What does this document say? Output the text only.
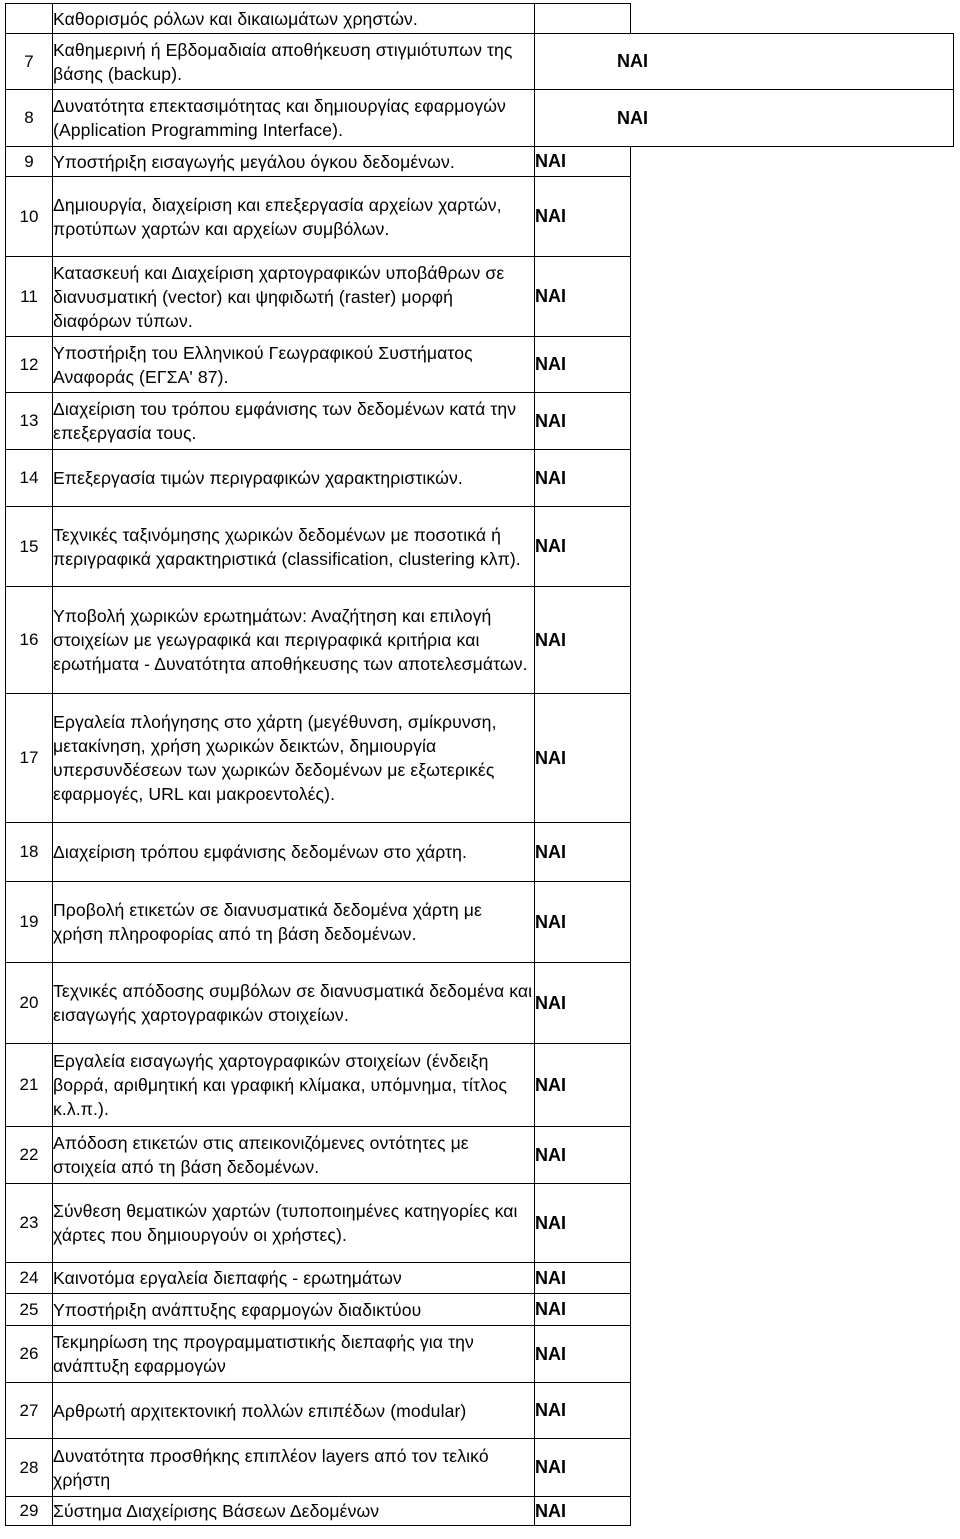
	Καθορισμός ρόλων και δικαιωμάτων χρηστών.		
7	Καθημερινή ή Εβδομαδιαία αποθήκευση στιγμιότυπων της βάσης (backup).	ΝΑΙ	
8	Δυνατότητα επεκτασιμότητας και δημιουργίας εφαρμογών (Application Programming Interface).	ΝΑΙ	
9	Υποστήριξη εισαγωγής μεγάλου όγκου δεδομένων.	ΝΑΙ	
10	Δημιουργία, διαχείριση και επεξεργασία αρχείων χαρτών, προτύπων χαρτών και αρχείων συμβόλων.	ΝΑΙ	
11	Κατασκευή και Διαχείριση χαρτογραφικών υποβάθρων σε διανυσματική (vector) και ψηφιδωτή (raster) μορφή διαφόρων τύπων.	ΝΑΙ	
12	Υποστήριξη του Ελληνικού Γεωγραφικού Συστήματος Αναφοράς (ΕΓΣΑ' 87).	ΝΑΙ	
13	Διαχείριση του τρόπου εμφάνισης των δεδομένων κατά την επεξεργασία τους.	ΝΑΙ	
14	Επεξεργασία τιμών περιγραφικών χαρακτηριστικών.	ΝΑΙ	
15	Τεχνικές ταξινόμησης χωρικών δεδομένων με ποσοτικά ή περιγραφικά χαρακτηριστικά (classification, clustering κλπ).	ΝΑΙ	
16	Υποβολή χωρικών ερωτημάτων: Αναζήτηση και επιλογή στοιχείων με γεωγραφικά και περιγραφικά κριτήρια και ερωτήματα - Δυνατότητα αποθήκευσης των αποτελεσμάτων.	ΝΑΙ	
17	Εργαλεία πλοήγησης στο χάρτη (μεγέθυνση, σμίκρυνση, μετακίνηση, χρήση χωρικών δεικτών, δημιουργία υπερσυνδέσεων των χωρικών δεδομένων με εξωτερικές εφαρμογές, URL και μακροεντολές).	ΝΑΙ	
18	Διαχείριση τρόπου εμφάνισης δεδομένων στο χάρτη.	ΝΑΙ	
19	Προβολή ετικετών σε διανυσματικά δεδομένα χάρτη με χρήση πληροφορίας από τη βάση δεδομένων.	ΝΑΙ	
20	Τεχνικές απόδοσης συμβόλων σε διανυσματικά δεδομένα και εισαγωγής χαρτογραφικών στοιχείων.	ΝΑΙ	
21	Εργαλεία εισαγωγής χαρτογραφικών στοιχείων (ένδειξη βορρά, αριθμητική και γραφική κλίμακα, υπόμνημα, τίτλος κ.λ.π.).	ΝΑΙ	
22	Απόδοση ετικετών στις απεικονιζόμενες οντότητες με στοιχεία από τη βάση δεδομένων.	ΝΑΙ	
23	Σύνθεση θεματικών χαρτών (τυποποιημένες κατηγορίες και χάρτες που δημιουργούν οι χρήστες).	ΝΑΙ	
24	Καινοτόμα εργαλεία διεπαφής - ερωτημάτων	ΝΑΙ	
25	Υποστήριξη ανάπτυξης εφαρμογών διαδικτύου	ΝΑΙ	
26	Τεκμηρίωση της προγραμματιστικής διεπαφής για την ανάπτυξη εφαρμογών	ΝΑΙ	
27	Αρθρωτή αρχιτεκτονική πολλών επιπέδων (modular)	ΝΑΙ	
28	Δυνατότητα προσθήκης επιπλέον layers από τον τελικό χρήστη	ΝΑΙ	
29	Σύστημα Διαχείρισης Βάσεων Δεδομένων	ΝΑΙ	
